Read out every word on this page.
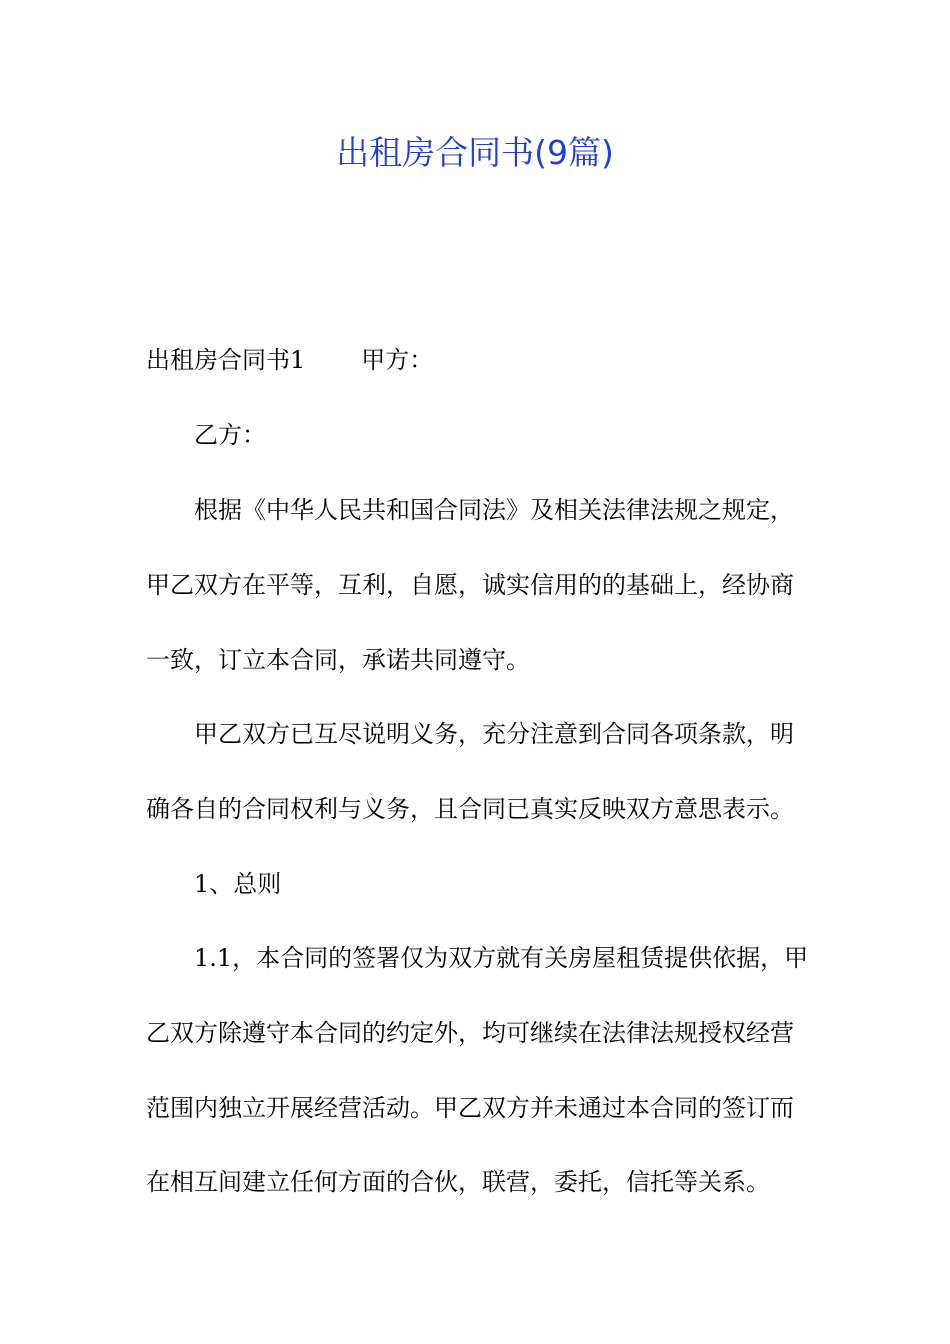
出租房合同书(9篇)

出租房合同书1 甲方：

乙方：

根据《中华人民共和国合同法》及相关法律法规之规定，

甲乙双方在平等，互利，自愿，诚实信用的的基础上，经协商

一致，订立本合同，承诺共同遵守。

甲乙双方已互尽说明义务，充分注意到合同各项条款，明

确各自的合同权利与义务，且合同已真实反映双方意思表示。

1、总则

1.1，本合同的签署仅为双方就有关房屋租赁提供依据，甲

乙双方除遵守本合同的约定外，均可继续在法律法规授权经营

范围内独立开展经营活动。甲乙双方并未通过本合同的签订而

在相互间建立任何方面的合伙，联营，委托，信托等关系。
